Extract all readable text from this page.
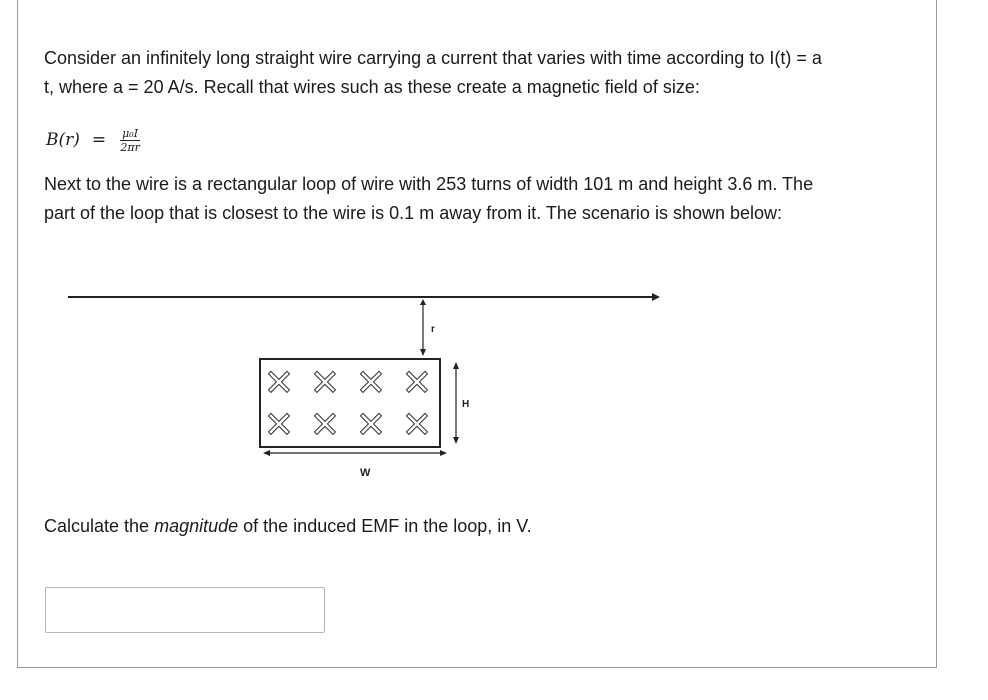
Consider an infinitely long straight wire carrying a current that varies with time according to I(t) = a
t, where a = 20 A/s. Recall that wires such as these create a magnetic field of size:

$B(r) = \frac{\text{μ₀I}}{2\pi r}$

Next to the wire is a rectangular loop of wire with 253 turns of width 101 m and height 3.6 m. The
part of the loop that is closest to the wire is 0.1 m away from it. The scenario is shown below:

r
✕ ✕ ✕ ✕
✕ ✕ ✕ ✕
H
W

Calculate the magnitude of the induced EMF in the loop, in V.
